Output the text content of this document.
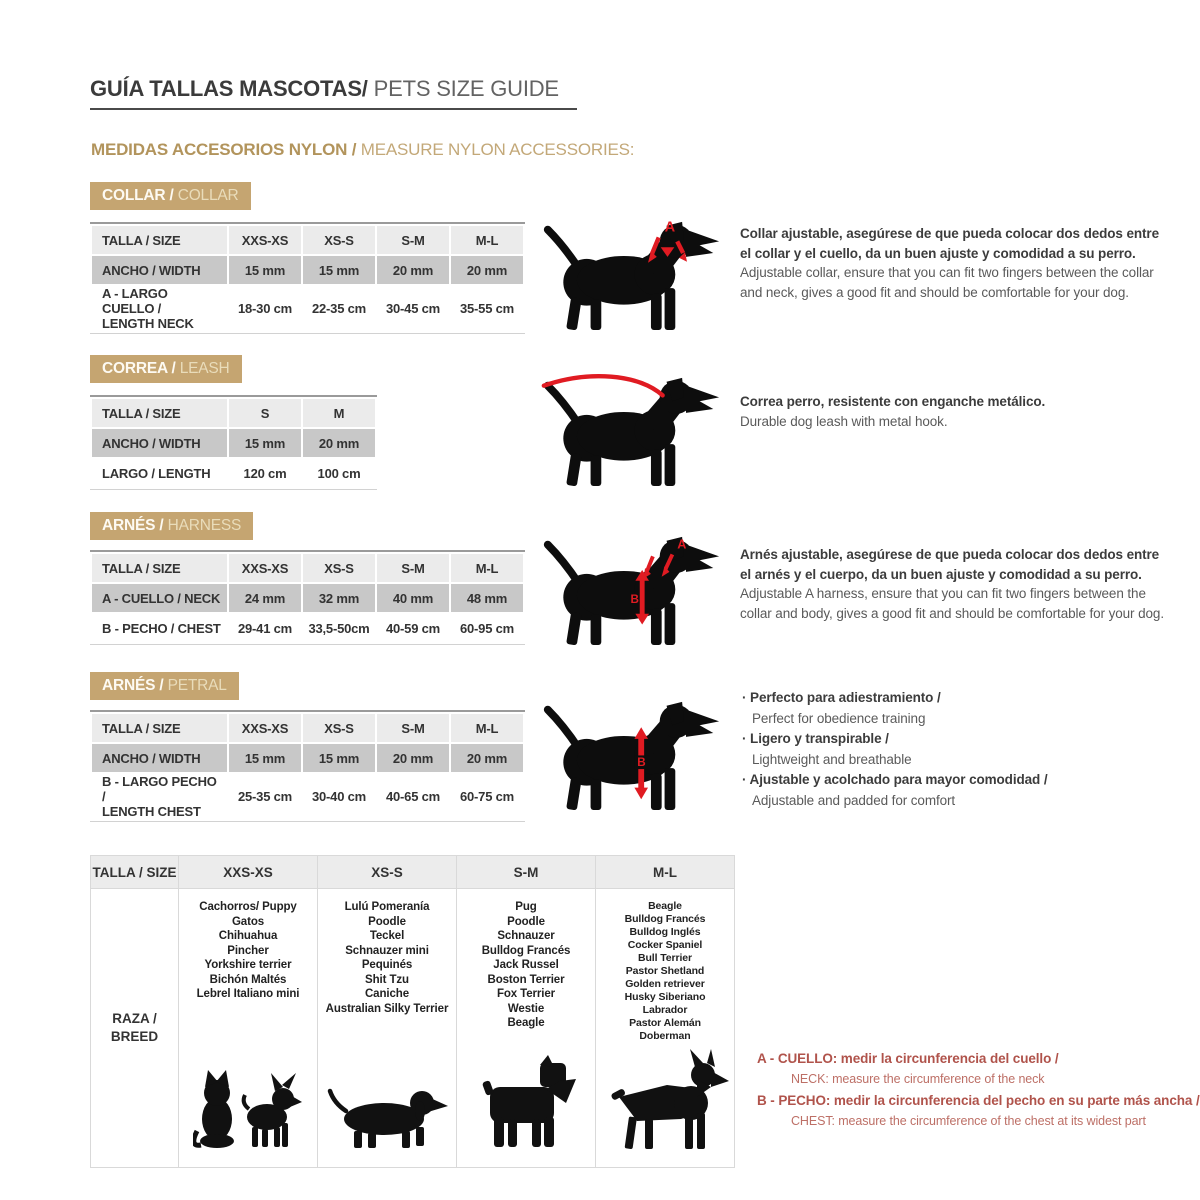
GUÍA TALLAS MASCOTAS/ PETS SIZE GUIDE
MEDIDAS ACCESORIOS NYLON / MEASURE NYLON ACCESSORIES:
COLLAR / COLLAR
TALLA / SIZE	XXS-XS	XS-S	S-M	M-L
ANCHO / WIDTH	15 mm	15 mm	20 mm	20 mm
A - LARGO CUELLO /
LENGTH NECK	18-30 cm	22-35 cm	30-45 cm	35-55 cm
A	Collar ajustable, asegúrese de que pueda colocar dos dedos entre el collar y el cuello, da un buen ajuste y comodidad a su perro.
Adjustable collar, ensure that you can fit two fingers between the collar and neck, gives a good fit and should be comfortable for your dog.
CORREA / LEASH
TALLA / SIZE	S	M
ANCHO / WIDTH	15 mm	20 mm
LARGO / LENGTH	120 cm	100 cm
Correa perro, resistente con enganche metálico.
Durable dog leash with metal hook.
ARNÉS / HARNESS
TALLA / SIZE	XXS-XS	XS-S	S-M	M-L
A - CUELLO / NECK	24 mm	32 mm	40 mm	48 mm
B - PECHO / CHEST	29-41 cm	33,5-50cm	40-59 cm	60-95 cm
A
B
Arnés ajustable, asegúrese de que pueda colocar dos dedos entre el arnés y el cuerpo, da un buen ajuste y comodidad a su perro.
Adjustable A harness, ensure that you can fit two fingers between the collar and body, gives a good fit and should be comfortable for your dog.
ARNÉS / PETRAL
TALLA / SIZE	XXS-XS	XS-S	S-M	M-L
ANCHO / WIDTH	15 mm	15 mm	20 mm	20 mm
B - LARGO PECHO /
LENGTH CHEST	25-35 cm	30-40 cm	40-65 cm	60-75 cm
B
· Perfecto para adiestramiento /
Perfect for obedience training
· Ligero y transpirable /
Lightweight and breathable
· Ajustable y acolchado para mayor comodidad /
Adjustable and padded for comfort
TALLA / SIZE	XXS-XS	XS-S	S-M	M-L
RAZA /
BREED	
Cachorros/ Puppy
Gatos
Chihuahua
Pincher
Yorkshire terrier
Bichón Maltés
Lebrel Italiano mini

Lulú Pomeranía
Poodle
Teckel
Schnauzer mini
Pequinés
Shit Tzu
Caniche
Australian Silky Terrier

Pug
Poodle
Schnauzer
Bulldog Francés
Jack Russel
Boston Terrier
Fox Terrier
Westie
Beagle

Beagle
Bulldog Francés
Bulldog Inglés
Cocker Spaniel
Bull Terrier
Pastor Shetland
Golden retriever
Husky Siberiano
Labrador
Pastor Alemán
Doberman
A - CUELLO: medir la circunferencia del cuello /
NECK: measure the circumference of the neck
B - PECHO: medir la circunferencia del pecho en su parte más ancha /
CHEST: measure the circumference of the chest at its widest part
